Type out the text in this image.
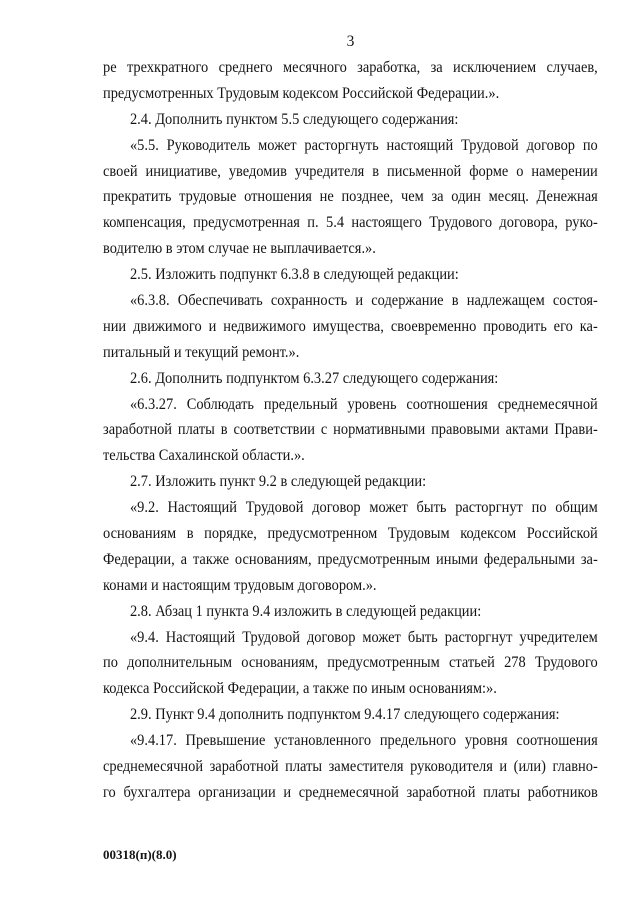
3
ре трехкратного среднего месячного заработка, за исключением случаев,
предусмотренных Трудовым кодексом Российской Федерации.».
2.4. Дополнить пунктом 5.5 следующего содержания:
«5.5. Руководитель может расторгнуть настоящий Трудовой договор по
своей инициативе, уведомив учредителя в письменной форме о намерении
прекратить трудовые отношения не позднее, чем за один месяц. Денежная
компенсация, предусмотренная п. 5.4 настоящего Трудового договора, руко-
водителю в этом случае не выплачивается.».
2.5. Изложить подпункт 6.3.8 в следующей редакции:
«6.3.8. Обеспечивать сохранность и содержание в надлежащем состоя-
нии движимого и недвижимого имущества, своевременно проводить его ка-
питальный и текущий ремонт.».
2.6. Дополнить подпунктом 6.3.27 следующего содержания:
«6.3.27. Соблюдать предельный уровень соотношения среднемесячной
заработной платы в соответствии с нормативными правовыми актами Прави-
тельства Сахалинской области.».
2.7. Изложить пункт 9.2 в следующей редакции:
«9.2. Настоящий Трудовой договор может быть расторгнут по общим
основаниям в порядке, предусмотренном Трудовым кодексом Российской
Федерации, а также основаниям, предусмотренным иными федеральными за-
конами и настоящим трудовым договором.».
2.8. Абзац 1 пункта 9.4 изложить в следующей редакции:
«9.4. Настоящий Трудовой договор может быть расторгнут учредителем
по дополнительным основаниям, предусмотренным статьей 278 Трудового
кодекса Российской Федерации, а также по иным основаниям:».
2.9. Пункт 9.4 дополнить подпунктом 9.4.17 следующего содержания:
«9.4.17. Превышение установленного предельного уровня соотношения
среднемесячной заработной платы заместителя руководителя и (или) главно-
го бухгалтера организации и среднемесячной заработной платы работников
00318(п)(8.0)
